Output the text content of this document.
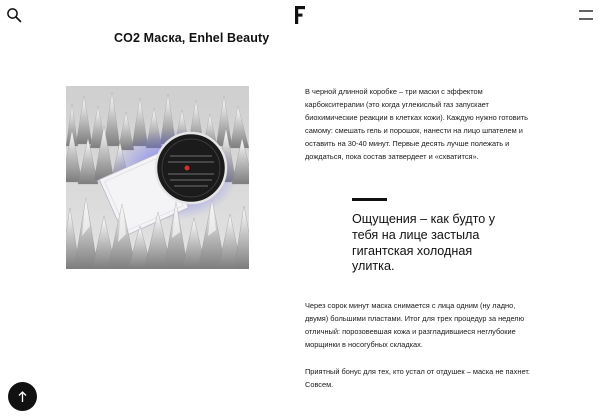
CO2 Маска, Enhel Beauty

В черной длинной коробке – три маски с эффектом карбокситерапии (это когда углекислый газ запускает биохимические реакции в клетках кожи). Каждую нужно готовить самому: смешать гель и порошок, нанести на лицо шпателем и оставить на 30-40 минут. Первые десять лучше полежать и дождаться, пока состав затвердеет и «схватится».

Ощущения – как будто у тебя на лице застыла гигантская холодная улитка.

Через сорок минут маска снимается с лица одним (ну ладно, двумя) большими пластами. Итог для трех процедур за неделю отличный: порозовевшая кожа и разгладившиеся неглубокие морщинки в носогубных складках.

Приятный бонус для тех, кто устал от отдушек – маска не пахнет. Совсем.
